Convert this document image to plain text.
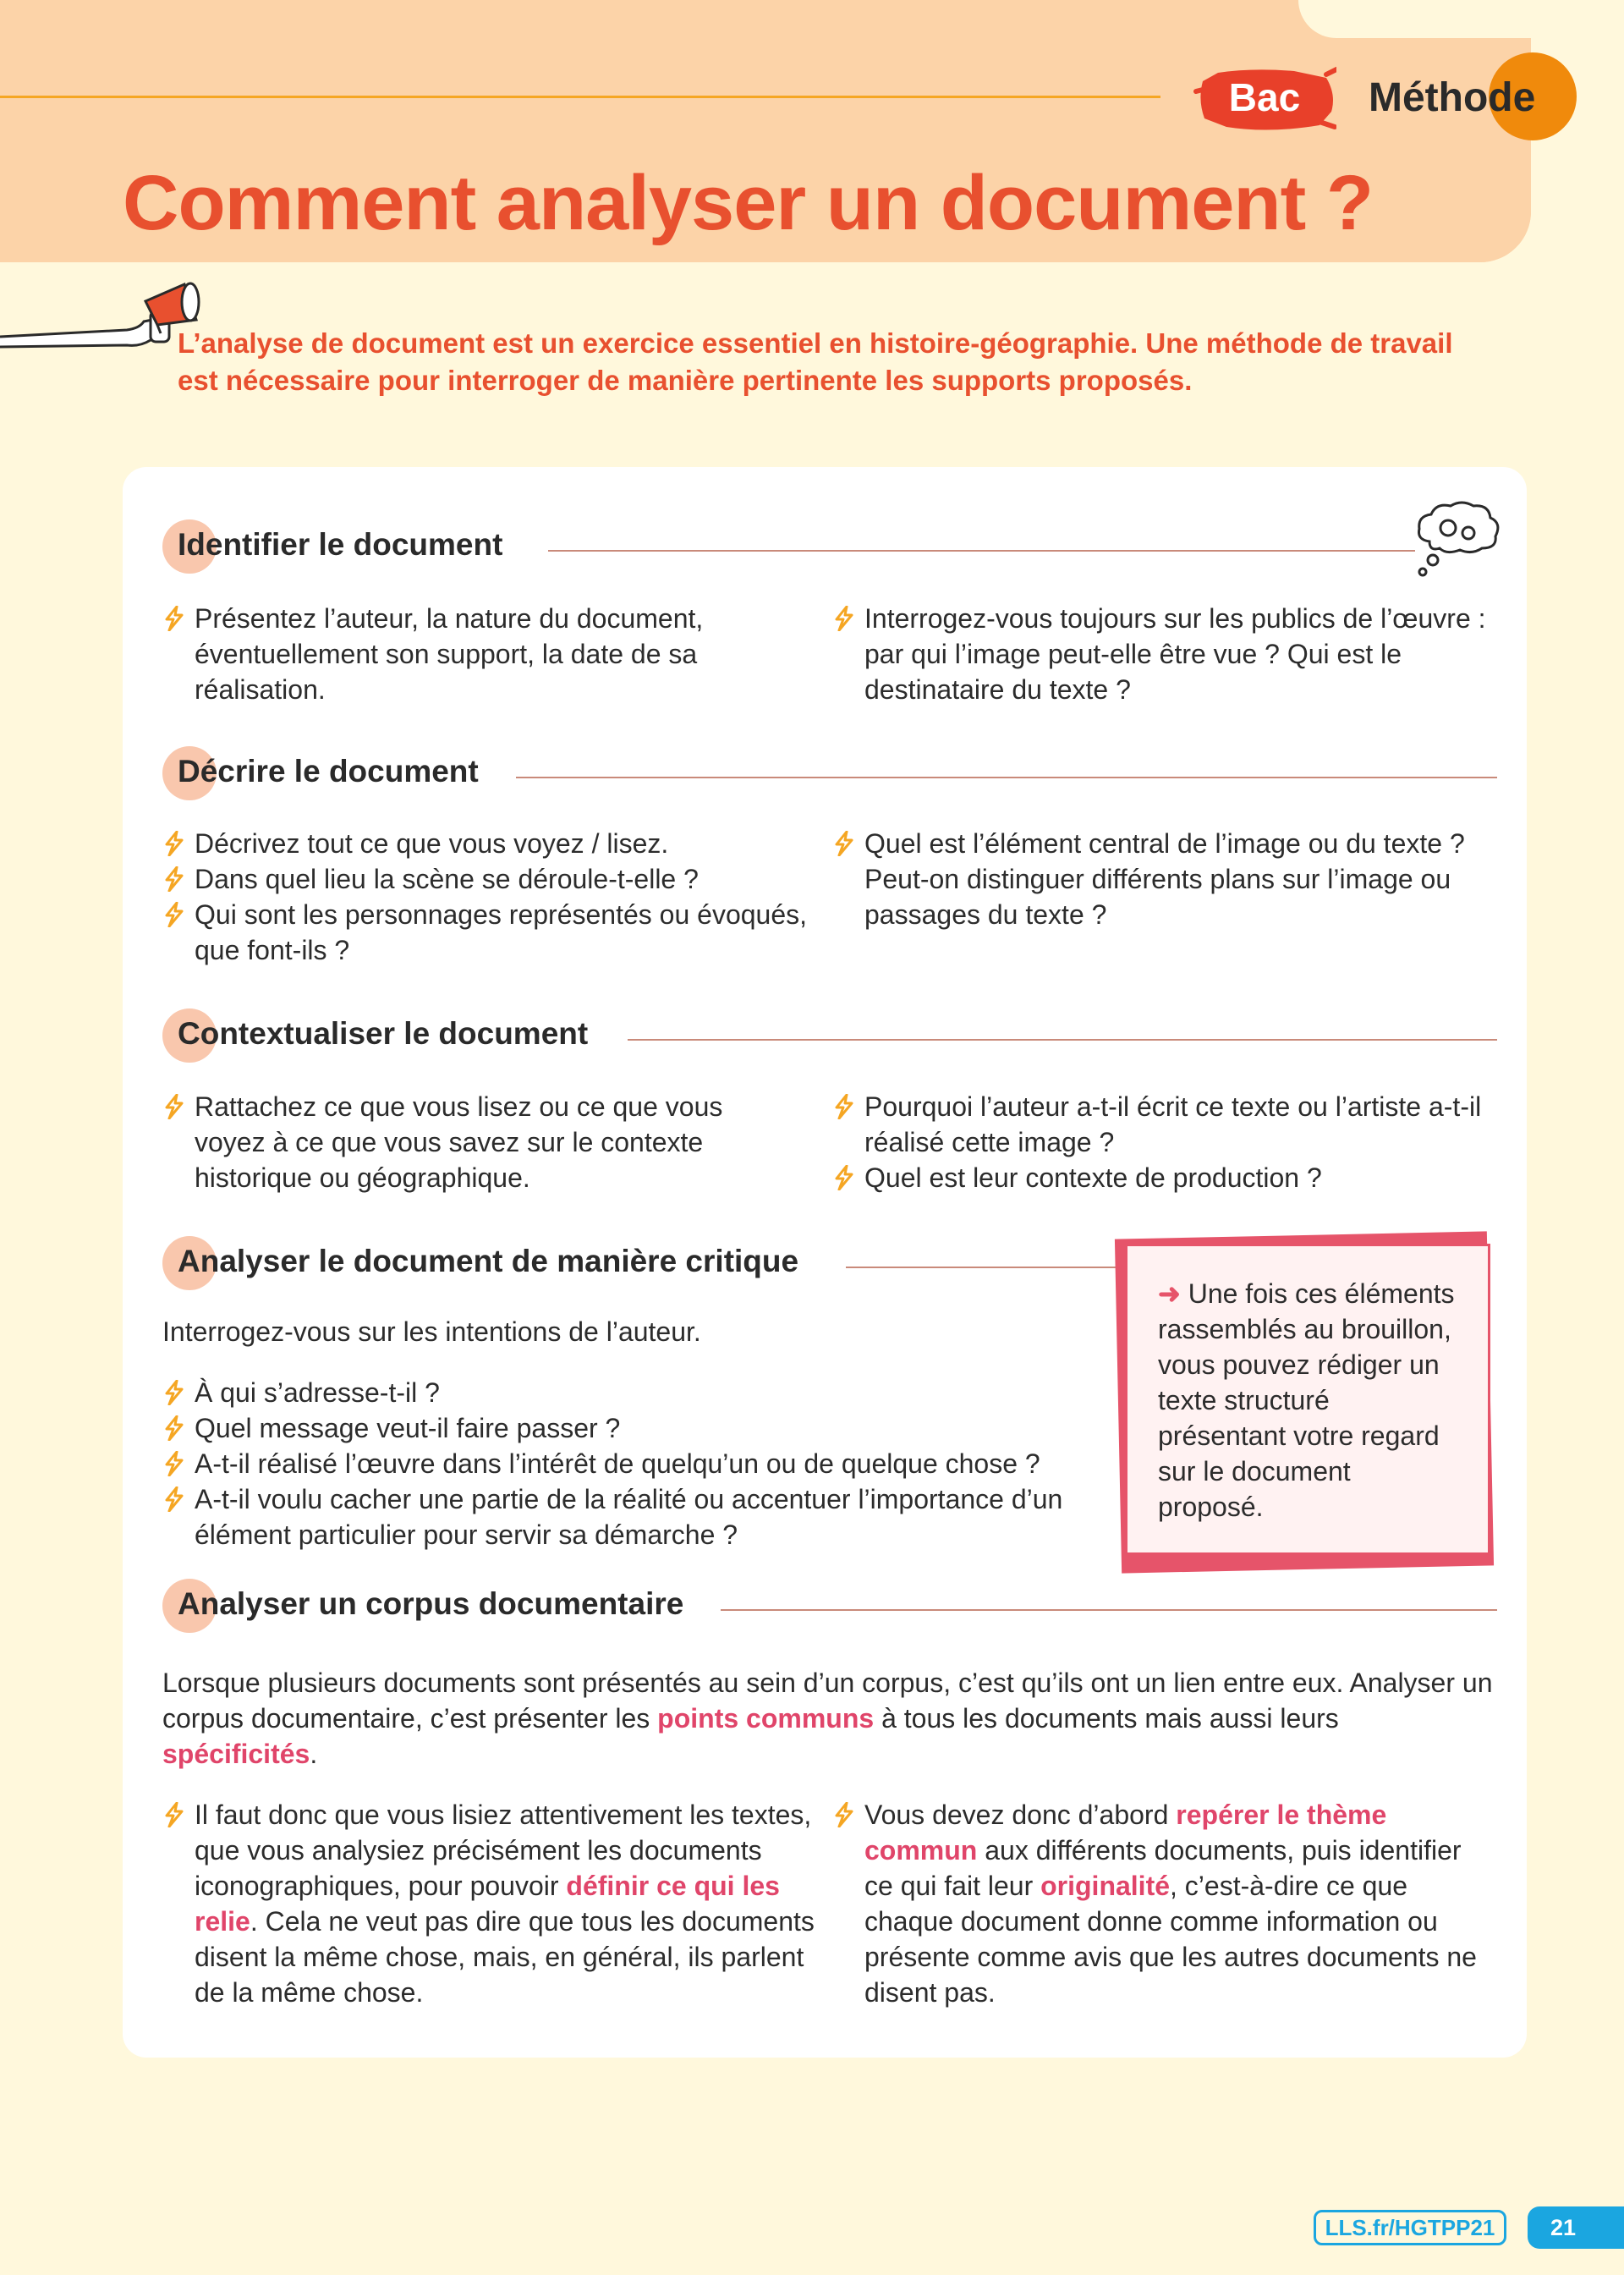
Bac	Méthode
Comment analyser un document ?
L’analyse de document est un exercice essentiel en histoire-géographie. Une méthode de travail est nécessaire pour interroger de manière pertinente les supports proposés.
Identifier le document

Présentez l’auteur, la nature du document, éventuellement son support, la date de sa réalisation.

Interrogez-vous toujours sur les publics de l’œuvre : par qui l’image peut-elle être vue ? Qui est le destinataire du texte ?

Décrire le document

Décrivez tout ce que vous voyez / lisez.

Dans quel lieu la scène se déroule-t-elle ?

Qui sont les personnages représentés ou évoqués, que font-ils ?

Quel est l’élément central de l’image ou du texte ? Peut-on distinguer différents plans sur l’image ou passages du texte ?

Contextualiser le document

Rattachez ce que vous lisez ou ce que vous voyez à ce que vous savez sur le contexte historique ou géographique.

Pourquoi l’auteur a-t-il écrit ce texte ou l’artiste a-t-il réalisé cette image ?

Quel est leur contexte de production ?

Analyser le document de manière critique
Interrogez-vous sur les intentions de l’auteur.

À qui s’adresse-t-il ?

Quel message veut-il faire passer ?

A-t-il réalisé l’œuvre dans l’intérêt de quelqu’un ou de quelque chose ?

A-t-il voulu cacher une partie de la réalité ou accentuer l’importance d’un élément particulier pour servir sa démarche ?

➜ Une fois ces éléments rassemblés au brouillon, vous pouvez rédiger un texte structuré présentant votre regard sur le document proposé.
Analyser un corpus documentaire
Lorsque plusieurs documents sont présentés au sein d’un corpus, c’est qu’ils ont un lien entre eux. Analyser un corpus documentaire, c’est présenter les points communs à tous les documents mais aussi leurs spécificités.

Il faut donc que vous lisiez attentivement les textes, que vous analysiez précisément les documents iconographiques, pour pouvoir définir ce qui les relie. Cela ne veut pas dire que tous les documents disent la même chose, mais, en général, ils parlent de la même chose.

Vous devez donc d’abord repérer le thème commun aux différents documents, puis identifier ce qui fait leur originalité, c’est-à-dire ce que chaque document donne comme information ou présente comme avis que les autres documents ne disent pas.

LLS.fr/HGTPP21	21
